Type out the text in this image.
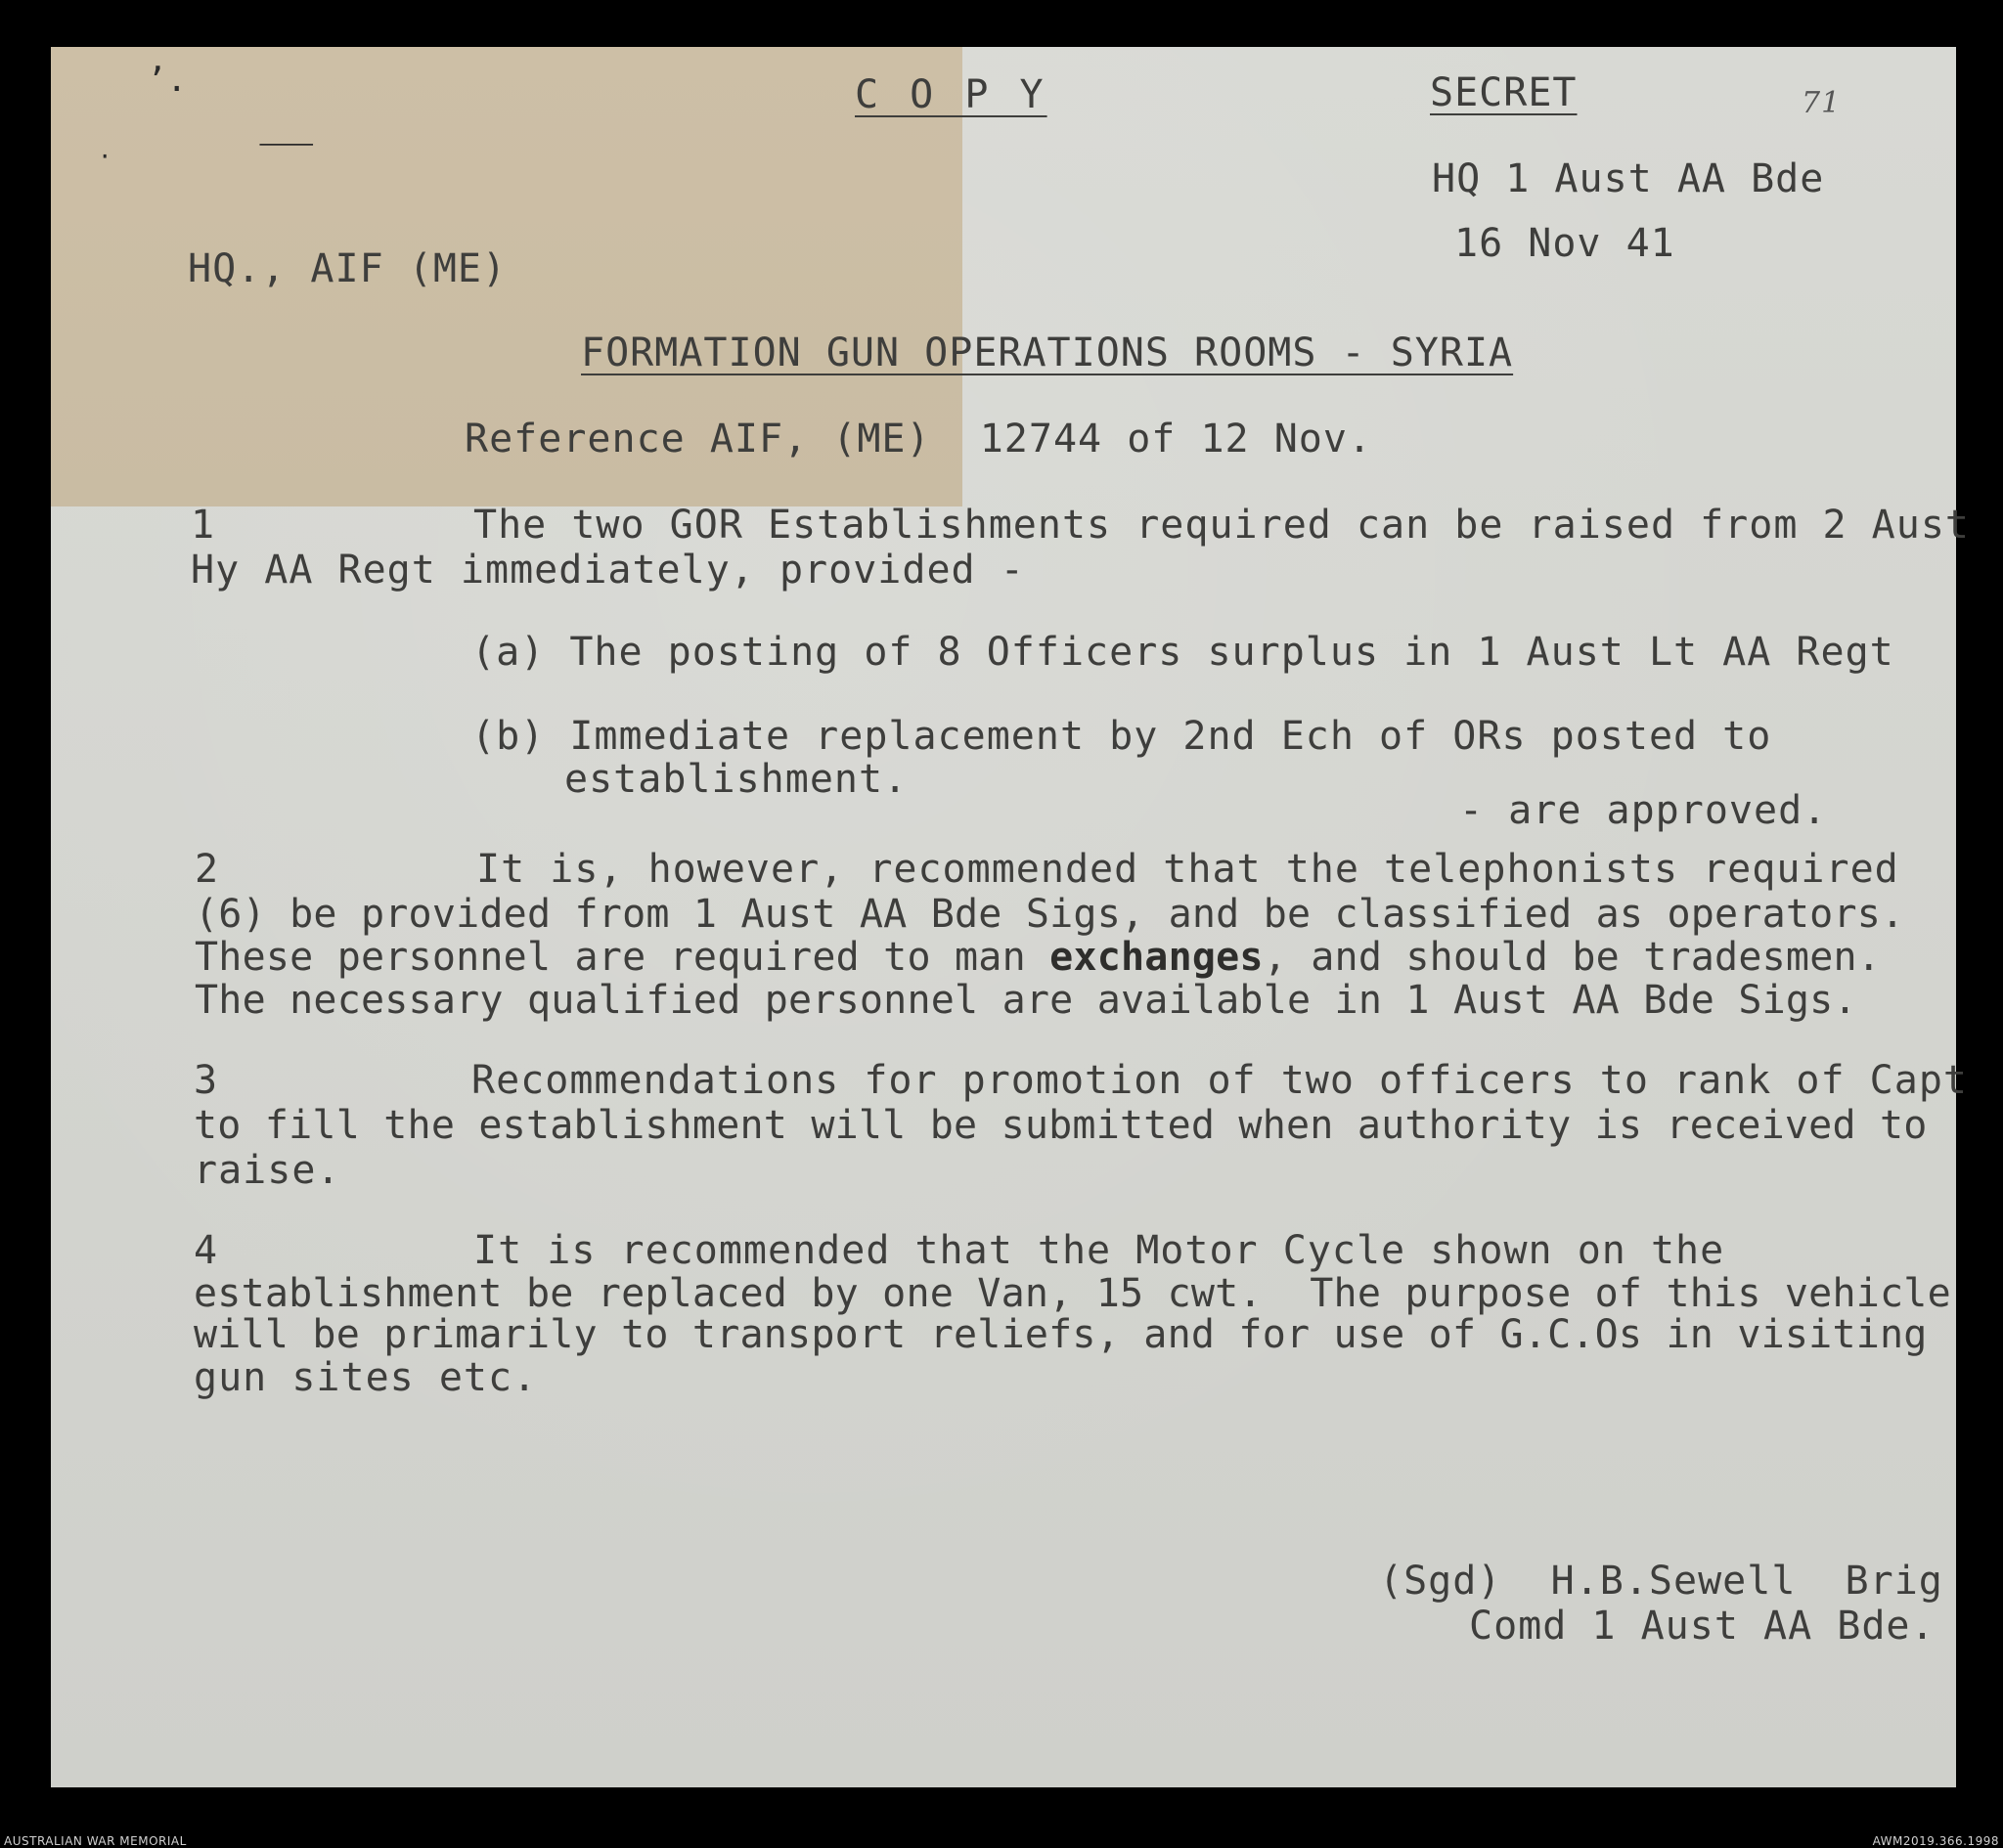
ʼ.
⸺
·
C O P Y	SECRET	71
HQ 1 Aust AA Bde
16 Nov 41
HQ., AIF (ME)
FORMATION GUN OPERATIONS ROOMS - SYRIA
Reference AIF, (ME)  12744 of 12 Nov.
1	The two GOR Establishments required can be raised from 2 Aust
Hy AA Regt immediately, provided -
(a) The posting of 8 Officers surplus in 1 Aust Lt AA Regt
(b) Immediate replacement by 2nd Ech of ORs posted to
establishment.
- are approved.
2	It is, however, recommended that the telephonists required
(6) be provided from 1 Aust AA Bde Sigs, and be classified as operators.
These personnel are required to man exchanges, and should be tradesmen.
The necessary qualified personnel are available in 1 Aust AA Bde Sigs.
3	Recommendations for promotion of two officers to rank of Capt
to fill the establishment will be submitted when authority is received to
raise.
4	It is recommended that the Motor Cycle shown on the
establishment be replaced by one Van, 15 cwt.  The purpose of this vehicle
will be primarily to transport reliefs, and for use of G.C.Os in visiting
gun sites etc.
(Sgd)  H.B.Sewell  Brig
Comd 1 Aust AA Bde.
AUSTRALIAN WAR MEMORIAL	AWM2019.366.1998
